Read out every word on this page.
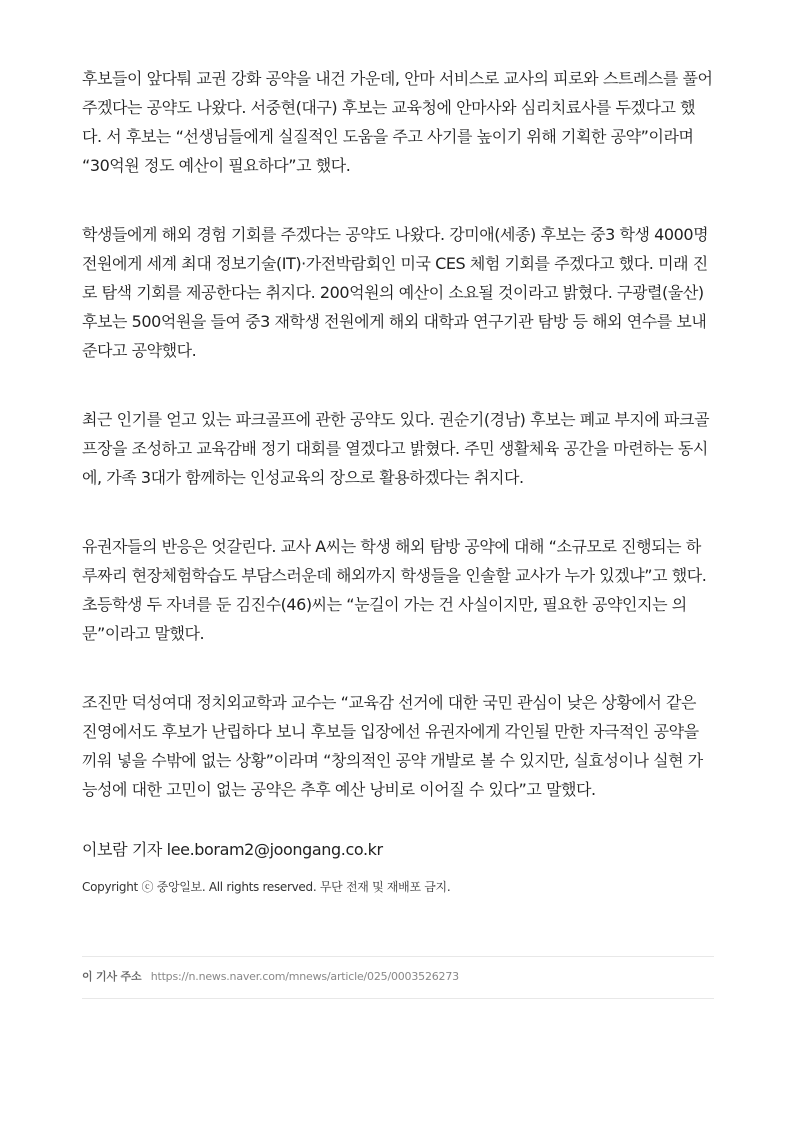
후보들이 앞다퉈 교권 강화 공약을 내건 가운데, 안마 서비스로 교사의 피로와 스트레스를 풀어주겠다는 공약도 나왔다. 서중현(대구) 후보는 교육청에 안마사와 심리치료사를 두겠다고 했다. 서 후보는 “선생님들에게 실질적인 도움을 주고 사기를 높이기 위해 기획한 공약”이라며 “30억원 정도 예산이 필요하다”고 했다.

학생들에게 해외 경험 기회를 주겠다는 공약도 나왔다. 강미애(세종) 후보는 중3 학생 4000명 전원에게 세계 최대 정보기술(IT)·가전박람회인 미국 CES 체험 기회를 주겠다고 했다. 미래 진로 탐색 기회를 제공한다는 취지다. 200억원의 예산이 소요될 것이라고 밝혔다. 구광렬(울산) 후보는 500억원을 들여 중3 재학생 전원에게 해외 대학과 연구기관 탐방 등 해외 연수를 보내준다고 공약했다.

최근 인기를 얻고 있는 파크골프에 관한 공약도 있다. 권순기(경남) 후보는 폐교 부지에 파크골프장을 조성하고 교육감배 정기 대회를 열겠다고 밝혔다. 주민 생활체육 공간을 마련하는 동시에, 가족 3대가 함께하는 인성교육의 장으로 활용하겠다는 취지다.

유권자들의 반응은 엇갈린다. 교사 A씨는 학생 해외 탐방 공약에 대해 “소규모로 진행되는 하루짜리 현장체험학습도 부담스러운데 해외까지 학생들을 인솔할 교사가 누가 있겠냐”고 했다. 초등학생 두 자녀를 둔 김진수(46)씨는 “눈길이 가는 건 사실이지만, 필요한 공약인지는 의문”이라고 말했다.

조진만 덕성여대 정치외교학과 교수는 “교육감 선거에 대한 국민 관심이 낮은 상황에서 같은 진영에서도 후보가 난립하다 보니 후보들 입장에선 유권자에게 각인될 만한 자극적인 공약을 끼워 넣을 수밖에 없는 상황”이라며 “창의적인 공약 개발로 볼 수 있지만, 실효성이나 실현 가능성에 대한 고민이 없는 공약은 추후 예산 낭비로 이어질 수 있다”고 말했다.

이보람 기자 lee.boram2@joongang.co.kr
Copyright ⓒ 중앙일보. All rights reserved. 무단 전재 및 재배포 금지.
이 기사 주소 https://n.news.naver.com/mnews/article/025/0003526273
